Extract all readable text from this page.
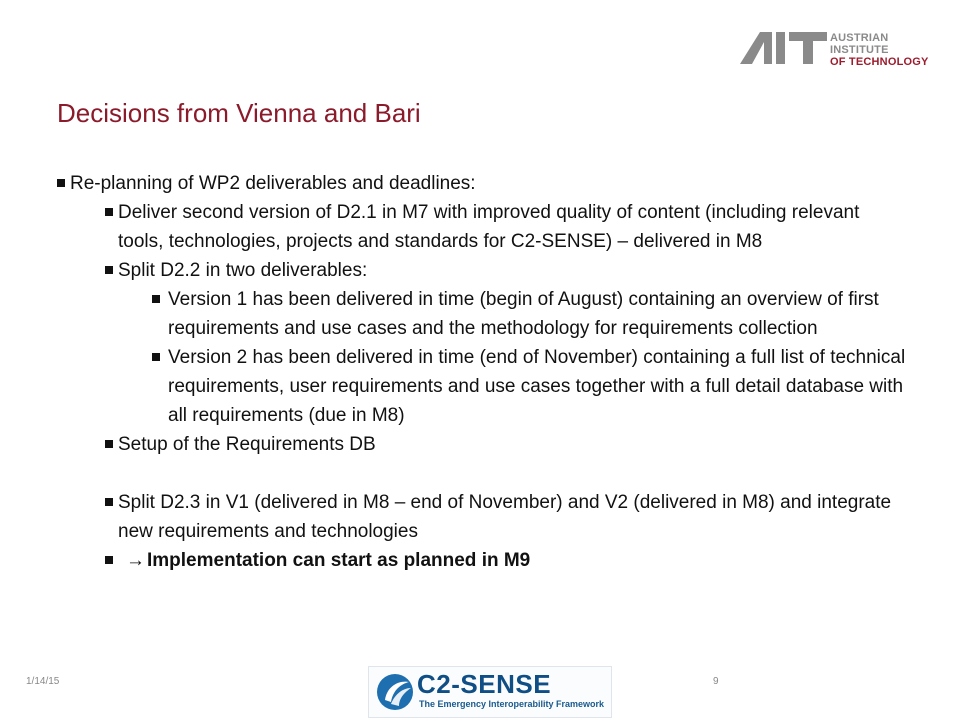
AUSTRIAN INSTITUTE
OF TECHNOLOGY
Decisions from Vienna and Bari
Re-planning of WP2 deliverables and deadlines:
Deliver second version of D2.1 in M7 with improved quality of content (including relevant tools, technologies, projects and standards for C2-SENSE) – delivered in M8
Split D2.2 in two deliverables:
Version 1 has been delivered in time (begin of August) containing an overview of first requirements and use cases and the methodology for requirements collection
Version 2 has been delivered in time (end of November) containing a full list of technical requirements, user requirements and use cases together with a full detail database with all requirements (due in M8)
Setup of the Requirements DB
Split D2.3 in V1 (delivered in M8 – end of November) and V2 (delivered in M8) and integrate new requirements and technologies
→ Implementation can start as planned in M9
1/14/15	9
C2-SENSE
The Emergency Interoperability Framework
